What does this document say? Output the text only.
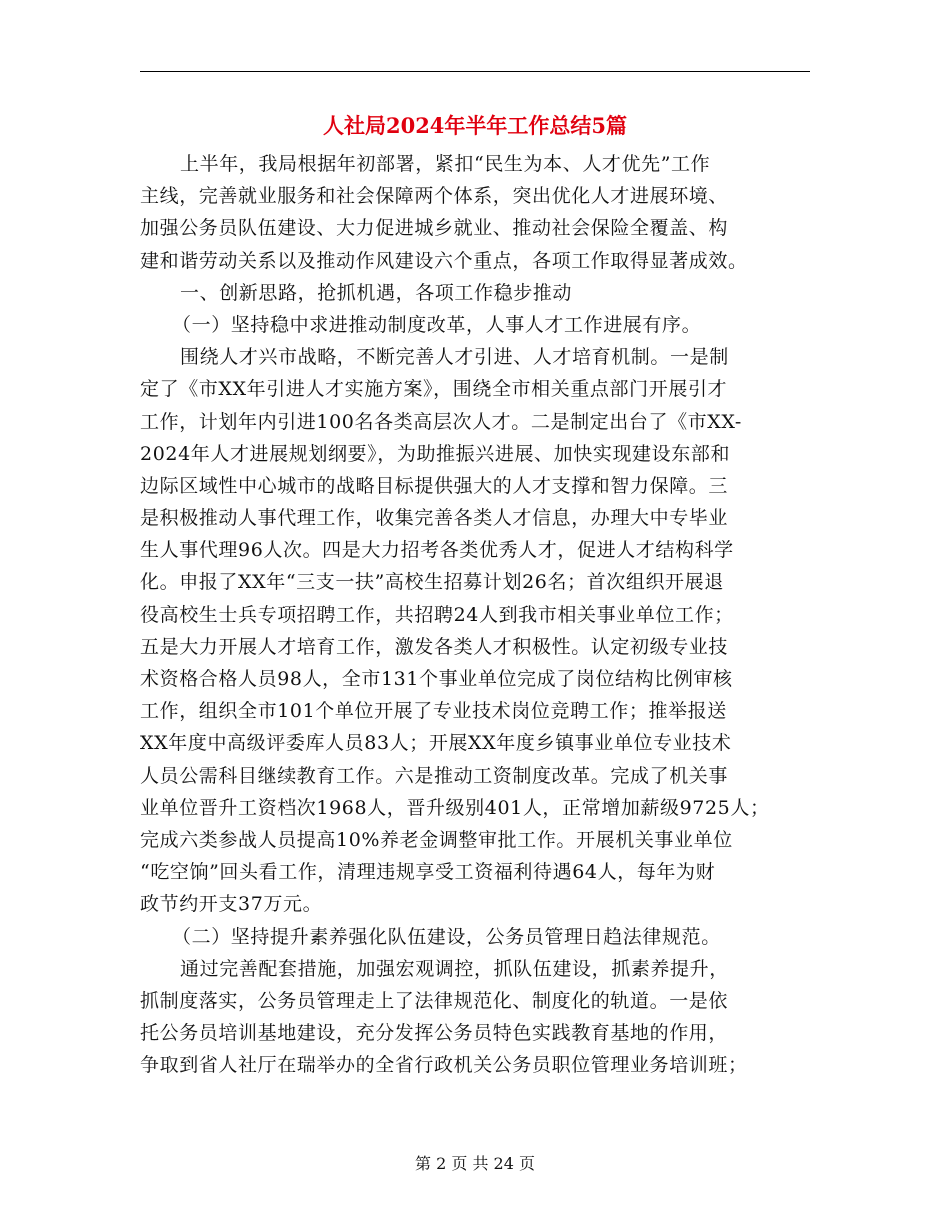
人社局2024年半年工作总结5篇
上半年，我局根据年初部署，紧扣“民生为本、人才优先”工作
主线，完善就业服务和社会保障两个体系，突出优化人才进展环境、
加强公务员队伍建设、大力促进城乡就业、推动社会保险全覆盖、构
建和谐劳动关系以及推动作风建设六个重点，各项工作取得显著成效。
一、创新思路，抢抓机遇，各项工作稳步推动
（一）坚持稳中求进推动制度改革，人事人才工作进展有序。
围绕人才兴市战略，不断完善人才引进、人才培育机制。一是制
定了《市XX年引进人才实施方案》，围绕全市相关重点部门开展引才
工作，计划年内引进100名各类高层次人才。二是制定出台了《市XX-
2024年人才进展规划纲要》，为助推振兴进展、加快实现建设东部和
边际区域性中心城市的战略目标提供强大的人才支撑和智力保障。三
是积极推动人事代理工作，收集完善各类人才信息，办理大中专毕业
生人事代理96人次。四是大力招考各类优秀人才，促进人才结构科学
化。申报了XX年“三支一扶”高校生招募计划26名；首次组织开展退
役高校生士兵专项招聘工作，共招聘24人到我市相关事业单位工作；
五是大力开展人才培育工作，激发各类人才积极性。认定初级专业技
术资格合格人员98人，全市131个事业单位完成了岗位结构比例审核
工作，组织全市101个单位开展了专业技术岗位竞聘工作；推举报送
XX年度中高级评委库人员83人；开展XX年度乡镇事业单位专业技术
人员公需科目继续教育工作。六是推动工资制度改革。完成了机关事
业单位晋升工资档次1968人，晋升级别401人，正常增加薪级9725人；
完成六类参战人员提高10%养老金调整审批工作。开展机关事业单位
“吃空饷”回头看工作，清理违规享受工资福利待遇64人，每年为财
政节约开支37万元。
（二）坚持提升素养强化队伍建设，公务员管理日趋法律规范。
通过完善配套措施，加强宏观调控，抓队伍建设，抓素养提升，
抓制度落实，公务员管理走上了法律规范化、制度化的轨道。一是依
托公务员培训基地建设，充分发挥公务员特色实践教育基地的作用，
争取到省人社厅在瑞举办的全省行政机关公务员职位管理业务培训班；
第 2 页 共 24 页
